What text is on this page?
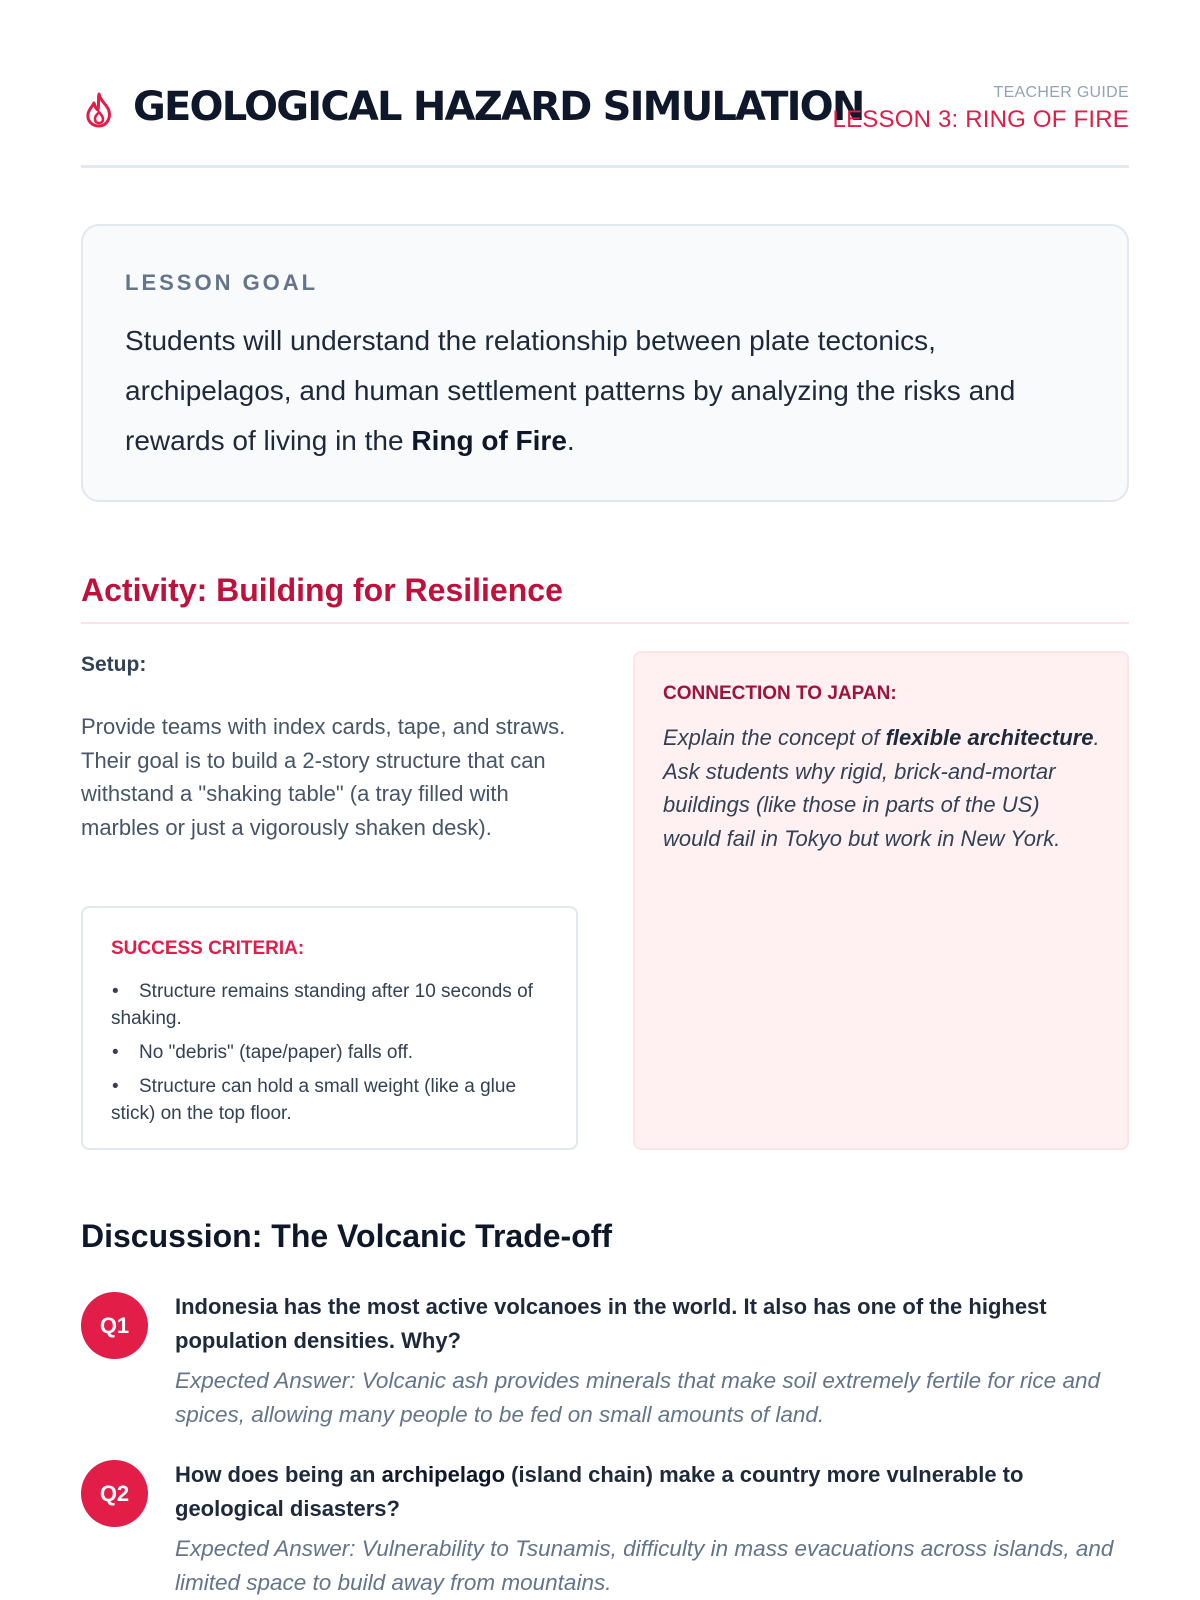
GEOLOGICAL HAZARD SIMULATION	TEACHER GUIDE
LESSON 3: RING OF FIRE
LESSON GOAL
Students will understand the relationship between plate tectonics, archipelagos, and human settlement patterns by analyzing the risks and rewards of living in the Ring of Fire.
Activity: Building for Resilience
Setup:
Provide teams with index cards, tape, and straws. Their goal is to build a 2-story structure that can withstand a "shaking table" (a tray filled with marbles or just a vigorously shaken desk).
SUCCESS CRITERIA:
• Structure remains standing after 10 seconds of shaking.
• No "debris" (tape/paper) falls off.
• Structure can hold a small weight (like a glue stick) on the top floor.
CONNECTION TO JAPAN:
Explain the concept of flexible architecture. Ask students why rigid, brick-and-mortar buildings (like those in parts of the US) would fail in Tokyo but work in New York.
Discussion: The Volcanic Trade-off
Q1
Indonesia has the most active volcanoes in the world. It also has one of the highest population densities. Why?
Expected Answer: Volcanic ash provides minerals that make soil extremely fertile for rice and spices, allowing many people to be fed on small amounts of land.
Q2
How does being an archipelago (island chain) make a country more vulnerable to geological disasters?
Expected Answer: Vulnerability to Tsunamis, difficulty in mass evacuations across islands, and limited space to build away from mountains.
